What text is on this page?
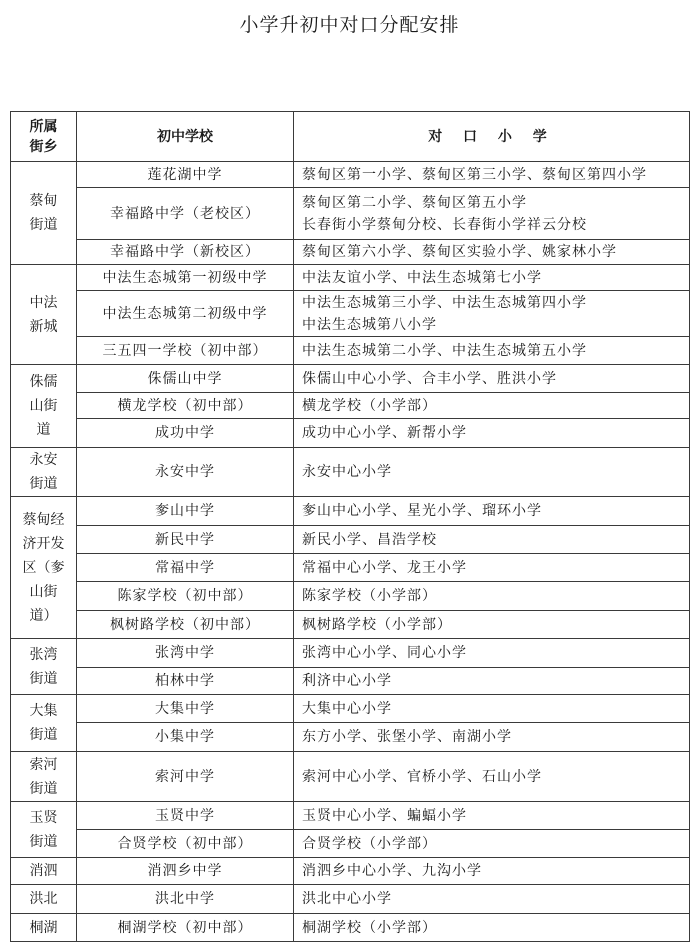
小学升初中对口分配安排
所属街乡	初中学校	对 口 小 学
蔡甸街道	莲花湖中学	蔡甸区第一小学、蔡甸区第三小学、蔡甸区第四小学

	幸福路中学（老校区）	蔡甸区第二小学、蔡甸区第五小学
长春街小学蔡甸分校、长春街小学祥云分校

	幸福路中学（新校区）	蔡甸区第六小学、蔡甸区实验小学、姚家林小学

中法新城	中法生态城第一初级中学	中法友谊小学、中法生态城第七小学

	中法生态城第二初级中学	中法生态城第三小学、中法生态城第四小学
中法生态城第八小学

	三五四一学校（初中部）	中法生态城第二小学、中法生态城第五小学

侏儒山街道	侏儒山中学	侏儒山中心小学、合丰小学、胜洪小学

	横龙学校（初中部）	横龙学校（小学部）

	成功中学	成功中心小学、新帮小学

永安街道	永安中学	永安中心小学

蔡甸经济开发区（奓山街道）	奓山中学	奓山中心小学、星光小学、瑠环小学

	新民中学	新民小学、昌浩学校

	常福中学	常福中心小学、龙王小学

	陈家学校（初中部）	陈家学校（小学部）

	枫树路学校（初中部）	枫树路学校（小学部）

张湾街道	张湾中学	张湾中心小学、同心小学

	柏林中学	利济中心小学

大集街道	大集中学	大集中心小学

	小集中学	东方小学、张堡小学、南湖小学

索河街道	索河中学	索河中心小学、官桥小学、石山小学

玉贤街道	玉贤中学	玉贤中心小学、蝙蝠小学

	合贤学校（初中部）	合贤学校（小学部）

消泗	消泗乡中学	消泗乡中心小学、九沟小学

洪北	洪北中学	洪北中心小学

桐湖	桐湖学校（初中部）	桐湖学校（小学部）
